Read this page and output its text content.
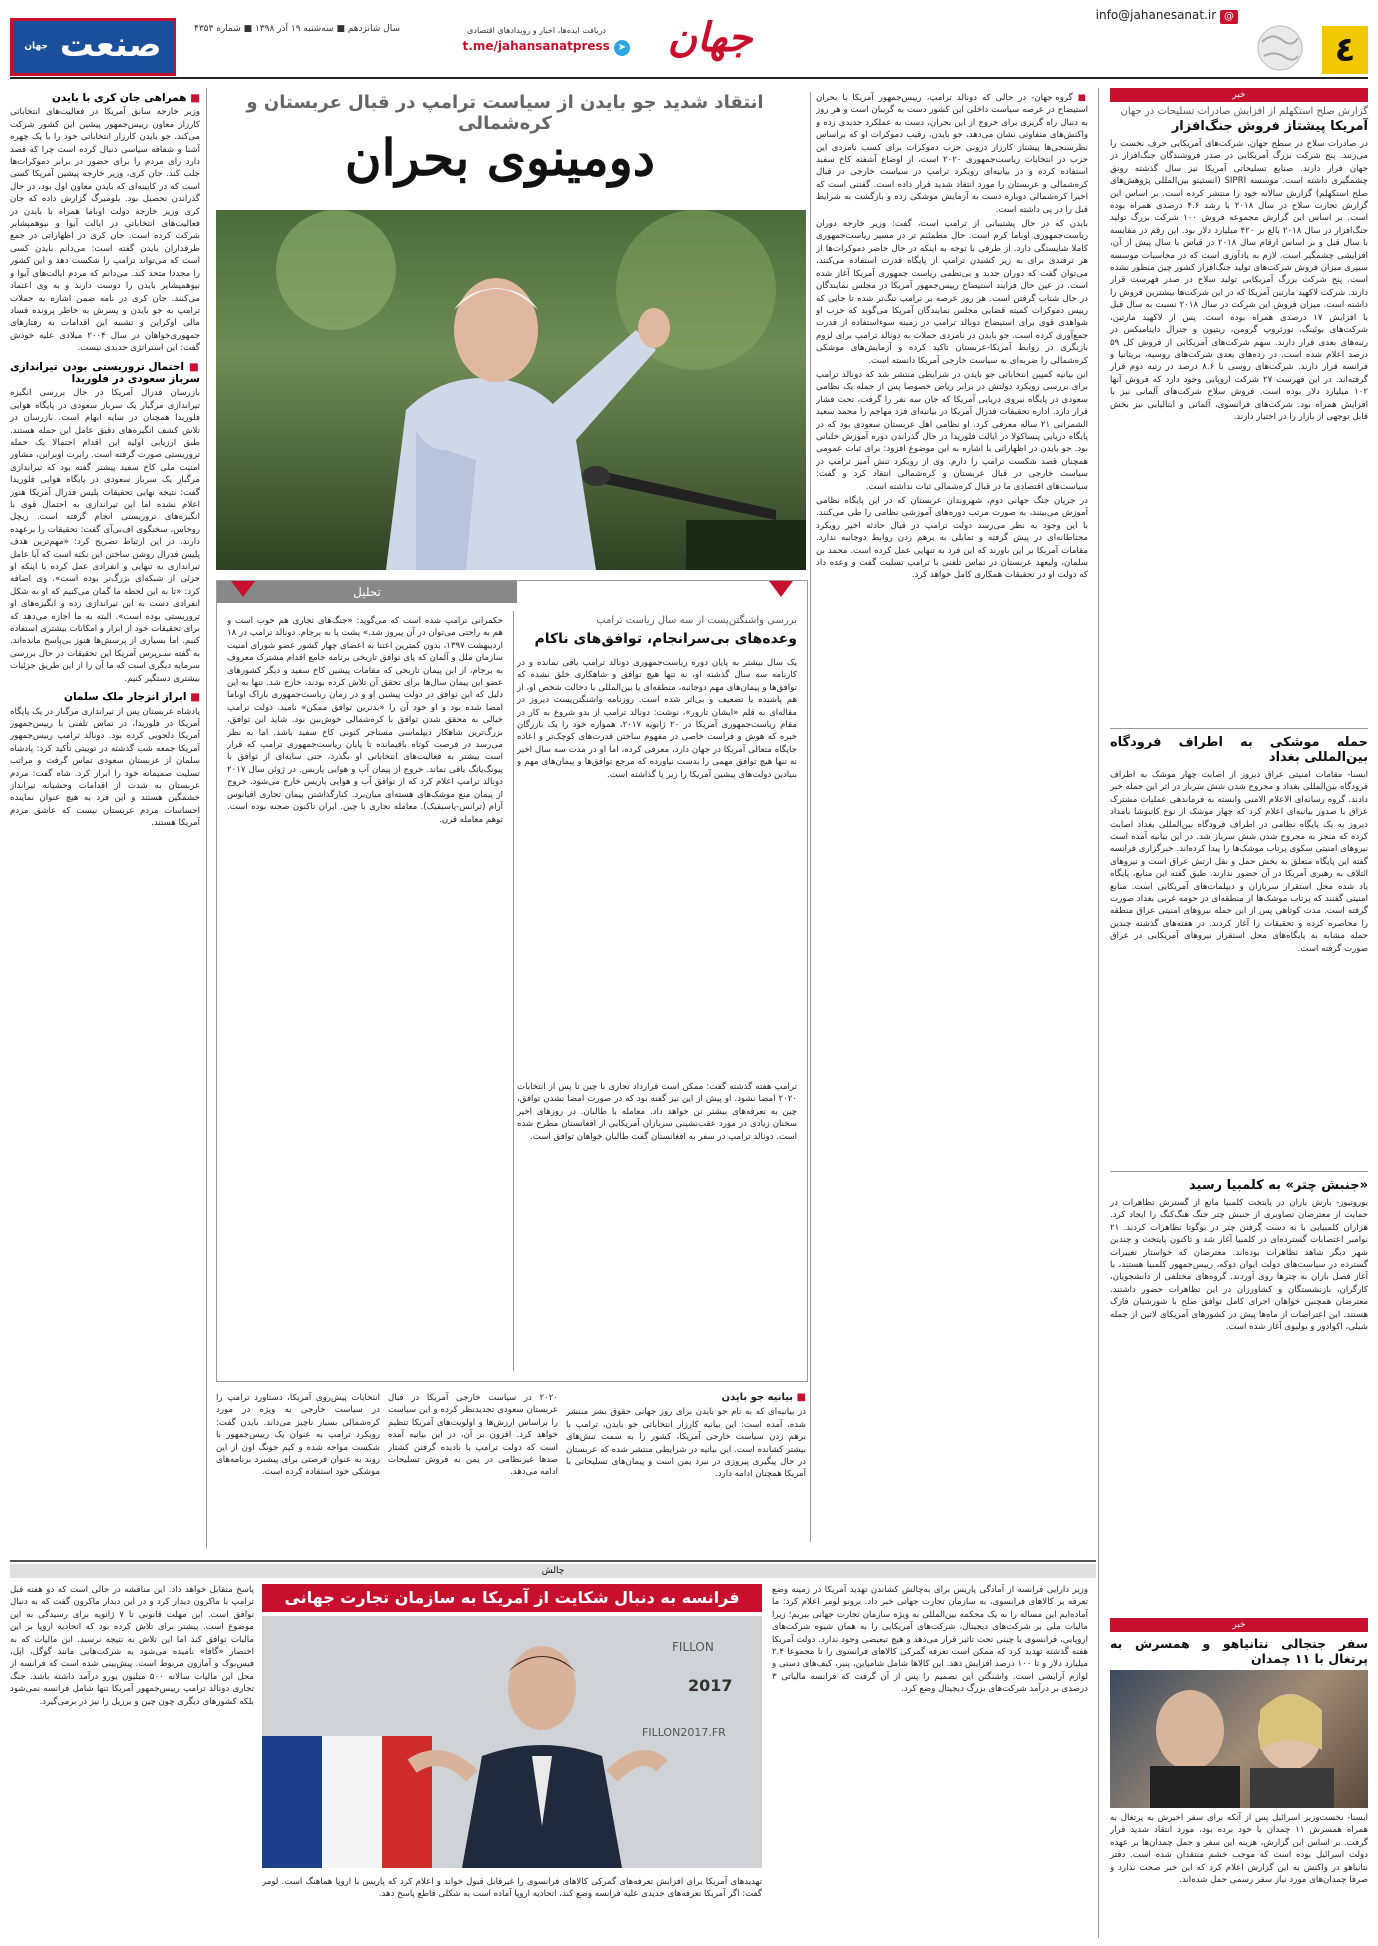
٤
info@jahanesanat.ir @
جهان
دریافت ایده‌ها، اخبار و رویدادهای اقتصادی
t.me/jahansanatpress ➤
سال شانزدهم ■ سه‌شنبه ۱۹ آذر ۱۳۹۸ ■ شماره ۴۳۵۳
صنعت جهان
خبر
گزارش صلح استکهلم از افزایش صادرات تسلیحات در جهان
آمریکا پیشتاز فروش جنگ‌افزار
در صادرات سلاح در سطح جهان، شرکت‌های آمریکایی حرف نخست را می‌زنند. پنج شرکت بزرگ آمریکایی در صدر فروشندگان جنگ‌افزار در جهان قرار دارند. صنایع تسلیحاتی آمریکا نیز سال گذشته رونق چشمگیری داشته است. موسسه SIPRI (انستیتو بین‌المللی پژوهش‌های صلح استکهلم) گزارش سالانه خود را منتشر کرده است. بر اساس این گزارش تجارت سلاح در سال ۲۰۱۸ با رشد ۴.۶ درصدی همراه بوده است. بر اساس این گزارش مجموعه فروش ۱۰۰ شرکت بزرگ تولید جنگ‌افزار در سال ۲۰۱۸ بالغ بر ۴۲۰ میلیارد دلار بود. این رقم در مقایسه با سال قبل و بر اساس ارقام سال ۲۰۱۸ در قیاس با سال پیش از آن، افزایشی چشمگیر است. لازم به یادآوری است که در محاسبات موسسه سیپری میزان فروش شرکت‌های تولید جنگ‌افزار کشور چین منظور نشده است. پنج شرکت بزرگ آمریکایی تولید سلاح در صدر فهرست قرار دارند. شرکت لاکهید مارتین آمریکا که در این شرکت‌ها بیشترین فروش را داشته است. میزان فروش این شرکت در سال ۲۰۱۸ نسبت به سال قبل با افزایش ۱۷ درصدی همراه بوده است. پس از لاکهید مارتین، شرکت‌های بوئینگ، نورثروپ گرومن، ریتیون و جنرال داینامیکس در رتبه‌های بعدی قرار دارند. سهم شرکت‌های آمریکایی از فروش کل ۵۹ درصد اعلام شده است. در رده‌های بعدی شرکت‌های روسیه، بریتانیا و فرانسه قرار دارند. شرکت‌های روسی با ۸.۶ درصد در رتبه دوم قرار گرفته‌اند. در این فهرست ۲۷ شرکت اروپایی وجود دارد که فروش آنها ۱۰۲ میلیارد دلار بوده است. فروش سلاح شرکت‌های آلمانی نیز با افزایش همراه بود. شرکت‌های فرانسوی، آلمانی و ایتالیایی نیز بخش قابل توجهی از بازار را در اختیار دارند.
حمله موشکی به اطراف فرودگاه بین‌المللی بغداد
ایسنا- مقامات امنیتی عراق دیروز از اصابت چهار موشک به اطراف فرودگاه بین‌المللی بغداد و مجروح شدن شش سرباز در اثر این حمله خبر دادند. گروه رسانه‌ای الاعلام الامنی وابسته به فرماندهی عملیات مشترک عراق با صدور بیانیه‌ای اعلام کرد که چهار موشک از نوع کاتیوشا بامداد دیروز به یک پایگاه نظامی در اطراف فرودگاه بین‌المللی بغداد اصابت کرده که منجر به مجروح شدن شش سرباز شد. در این بیانیه آمده است نیروهای امنیتی سکوی پرتاب موشک‌ها را پیدا کرده‌اند. خبرگزاری فرانسه گفته این پایگاه متعلق به بخش حمل و نقل ارتش عراق است و نیروهای ائتلاف به رهبری آمریکا در آن حضور ندارند. طبق گفته این منابع، پایگاه یاد شده محل استقرار سربازان و دیپلمات‌های آمریکایی است. منابع امنیتی گفتند که پرتاب موشک‌ها از منطقه‌ای در حومه غربی بغداد صورت گرفته است. مدت کوتاهی پس از این حمله نیروهای امنیتی عراق منطقه را محاصره کرده و تحقیقات را آغاز کردند. در هفته‌های گذشته چندین حمله مشابه به پایگاه‌های محل استقرار نیروهای آمریکایی در عراق صورت گرفته است.
«جنبش چتر» به کلمبیا رسید
یورونیوز- بارش باران در پایتخت کلمبیا مانع از گسترش تظاهرات در حمایت از معترضان تصاویری از جنبش چتر جنگ هنگ‌کنگ را ایجاد کرد. هزاران کلمبیایی با به دست گرفتن چتر در بوگوتا تظاهرات کردند. ۲۱ نوامبر اعتصابات گسترده‌ای در کلمبیا آغاز شد و تاکنون پایتخت و چندین شهر دیگر شاهد تظاهرات بوده‌اند. معترضان که خواستار تغییرات گسترده در سیاست‌های دولت ایوان دوکه، رییس‌جمهور کلمبیا هستند، با آغاز فصل باران به چترها روی آوردند. گروه‌های مختلفی از دانشجویان، کارگران، بازنشستگان و کشاورزان در این تظاهرات حضور داشتند. معترضان همچنین خواهان اجرای کامل توافق صلح با شورشیان فارک هستند. این اعتراضات از ماه‌ها پیش در کشورهای آمریکای لاتین از جمله شیلی، اکوادور و بولیوی آغاز شده است.
خبر
سفر جنجالی نتانیاهو و همسرش به پرتغال با ۱۱ چمدان
ایسنا- نخست‌وزیر اسرائیل پس از آنکه برای سفر اخیرش به پرتغال به همراه همسرش ۱۱ چمدان با خود برده بود، مورد انتقاد شدید قرار گرفت. بر اساس این گزارش، هزینه این سفر و حمل چمدان‌ها بر عهده دولت اسرائیل بوده است که موجب خشم منتقدان شده است. دفتر نتانیاهو در واکنش به این گزارش اعلام کرد که این خبر صحت ندارد و صرفا چمدان‌های مورد نیاز سفر رسمی حمل شده‌اند.
انتقاد شدید جو بایدن از سیاست ترامپ در قبال عربستان و کره‌شمالی
دومینوی بحران

■ گروه جهان- در حالی که دونالد ترامپ، رییس‌جمهور آمریکا با بحران استیضاح در عرصه سیاست داخلی این کشور دست به گریبان است و هر روز به دنبال راه گریزی برای خروج از این بحران، دست به عملکرد جدیدی زده و واکنش‌های متفاوتی نشان می‌دهد، جو بایدن، رقیب دموکرات او که براساس نظرسنجی‌ها پیشتاز کارزار درونی حزب دموکرات برای کسب نامزدی این حزب در انتخابات ریاست‌جمهوری ۲۰۲۰ است، از اوضاع آشفته کاخ سفید استفاده کرده و در بیانیه‌ای رویکرد ترامپ در سیاست خارجی در قبال کره‌شمالی و عربستان را مورد انتقاد شدید قرار داده است. گفتنی است که اخیرا کره‌شمالی دوباره دست به آزمایش موشکی زده و بازگشت به شرایط قبل را در پی داشته است.

بایدن که در حال پشتیبانی از ترامپ است، گفت: وزیر خارجه دوران ریاست‌جمهوری اوباما کرم است. حال مطمئنم تر در مسیر ریاست‌جمهوری کاملا شایستگی دارد. از طرفی با توجه به اینکه در حال حاضر دموکرات‌ها از هر ترفندی برای به زیر کشیدن ترامپ از پایگاه قدرت استفاده می‌کنند، می‌توان گفت که دوران جدید و بی‌نظمی ریاست جمهوری آمریکا آغاز شده است. در عین حال فرایند استیضاح رییس‌جمهور آمریکا در مجلس نمایندگان در حال شتاب گرفتن است. هر روز عرصه بر ترامپ تنگ‌تر شده تا جایی که رییس دموکرات کمیته قضایی مجلس نمایندگان آمریکا می‌گوید که حزب او شواهدی قوی برای استیضاح دونالد ترامپ در زمینه سوءاستفاده از قدرت جمع‌آوری کرده است. جو بایدن در نامزدی حملات به دونالد ترامپ برای لزوم بازنگری در روابط آمریکا-عربستان تاکید کرده و آزمایش‌های موشکی کره‌شمالی را ضربه‌ای به سیاست خارجی آمریکا دانسته است.

این بیانیه کمپین انتخاباتی جو بایدن در شرایطی منتشر شد که دونالد ترامپ برای بررسی رویکرد دولتش در برابر ریاض خصوصا پس از حمله یک نظامی سعودی در پایگاه نیروی دریایی آمریکا که جان سه نفر را گرفت، تحت فشار قرار دارد. اداره تحقیقات فدرال آمریکا در بیانیه‌ای فرد مهاجم را محمد سعید الشمرانی ۲۱ ساله معرفی کرد. او نظامی اهل عربستان سعودی بود که در پایگاه دریایی پنساکولا در ایالت فلوریدا در حال گذراندن دوره آموزش خلبانی بود. جو بایدن در اظهاراتی با اشاره به این موضوع افزود: برای ثبات عمومی همچنان قصد شکست ترامپ را دارم. وی از رویکرد تنش آمیز ترامپ در سیاست خارجی در قبال عربستان و کره‌شمالی انتقاد کرد و گفت: سیاست‌های اقتصادی ما در قبال کره‌شمالی ثبات نداشته است.

در جریان جنگ جهانی دوم، شهروندان عربستان که در این پایگاه نظامی آموزش می‌بینند، به صورت مرتب دوره‌های آموزشی نظامی را طی می‌کنند. با این وجود به نظر می‌رسد دولت ترامپ در قبال حادثه اخیر رویکرد محتاطانه‌ای در پیش گرفته و تمایلی به برهم زدن روابط دوجانبه ندارد. مقامات آمریکا بر این باورند که این فرد به تنهایی عمل کرده است. محمد بن سلمان، ولیعهد عربستان در تماس تلفنی با ترامپ تسلیت گفت و وعده داد که دولت او در تحقیقات همکاری کامل خواهد کرد.

تحلیل
بررسی واشنگتن‌پست از سه سال ریاست ترامپ
وعده‌های بی‌سرانجام، توافق‌های ناکام
یک سال بیشتر به پایان دوره ریاست‌جمهوری دونالد ترامپ باقی نمانده و در کارنامه سه سال گذشته او، نه تنها هیچ توافق و شاهکاری خلق نشده که توافق‌ها و پیمان‌های مهم دوجانبه، منطقه‌ای یا بین‌المللی با دخالت شخص او، از هم پاشیده یا تضعیف و بی‌اثر شده است. روزنامه واشنگتن‌پست دیروز در مقاله‌ای به قلم «ایشان تارور»، نوشت: دونالد ترامپ از بدو شروع به کار در مقام ریاست‌جمهوری آمریکا در ۲۰ ژانویه ۲۰۱۷، همواره خود را یک بازرگان خبره که هوش و فراست خاصی در مفهوم ساختن قدرت‌های کوچک‌تر و اعاده جایگاه متعالی آمریکا در جهان دارد، معرفی کرده، اما او در مدت سه سال اخیر نه تنها هیچ توافق مهمی را بدست نیاورده که مرجع توافق‌ها و پیمان‌های مهم و بنیادین دولت‌های پیشین آمریکا را زیر پا گذاشته است.
ترامپ هفته گذشته گفت: ممکن است قرارداد تجاری با چین تا پس از انتخابات ۲۰۲۰ امضا نشود. او پیش از این نیز گفته بود که در صورت امضا نشدن توافق، چین به تعرفه‌های بیشتر تن خواهد داد. معامله با طالبان. در روزهای اخیر سخنان زیادی در مورد عقب‌نشینی سربازان آمریکایی از افغانستان مطرح شده است. دونالد ترامپ در سفر به افغانستان گفت طالبان خواهان توافق است.
حکمرانی ترامپ شده است که می‌گوید: «جنگ‌های تجاری هم خوب است و هم به راحتی می‌توان در آن پیروز شد.» پشت پا به برجام. دونالد ترامپ در ۱۸ اردیبهشت ۱۳۹۷، بدون کمترین اعتنا به اعضای چهار کشور عضو شورای امنیت سازمان ملل و آلمان که پای توافق تاریخی برنامه جامع اقدام مشترک معروف به برجام، از این پیمان تاریخی که مقامات پیشین کاخ سفید و دیگر کشورهای عضو این پیمان سال‌ها برای تحقق آن تلاش کرده بودند، خارج شد. تنها به این دلیل که این توافق در دولت پیشین او و در زمان ریاست‌جمهوری باراک اوباما امضا شده بود و او خود آن را «بدترین توافق ممکن» نامید. دولت ترامپ خیالی به محقق شدن توافق با کره‌شمالی خوش‌بین بود. شاید این توافق، بزرگ‌ترین شاهکار دیپلماسی مستاجر کنونی کاخ سفید باشد. اما به نظر می‌رسد در فرصت کوتاه باقیمانده تا پایان ریاست‌جمهوری ترامپ که قرار است بیشتر به فعالیت‌های انتخاباتی او بگذرد، حتی سایه‌ای از توافق با پیونگ‌یانگ باقی نماند. خروج از پیمان آب و هوایی پاریس. در ژوئن سال ۲۰۱۷ دونالد ترامپ اعلام کرد که از توافق آب و هوایی پاریس خارج می‌شود. خروج از پیمان منع موشک‌های هسته‌ای میان‌برد. کنارگذاشتن پیمان تجاری اقیانوس آرام (ترانس-پاسیفیک). معامله تجاری با چین. ایران تاکنون صحنه بوده است. توهم معامله قرن.

■ بیانیه جو بایدن

در بیانیه‌ای که به نام جو بایدن برای روز جهانی حقوق بشر منتشر شده، آمده است: این بیانیه کارزار انتخاباتی جو بایدن، ترامپ با برهم زدن سیاست خارجی آمریکا، کشور را به سمت تنش‌های بیشتر کشانده است. این بیانیه در شرایطی منتشر شده که عربستان در حال پیگیری پیروزی در نبرد یمن است و پیمان‌های تسلیحاتی با آمریکا همچنان ادامه دارد.

۲۰۲۰ در سیاست خارجی آمریکا در قبال عربستان سعودی تجدیدنظر کرده و این سیاست را براساس ارزش‌ها و اولویت‌های آمریکا تنظیم خواهد کرد. افزون بر آن، در این بیانیه آمده است که دولت ترامپ با نادیده گرفتن کشتار صدها غیرنظامی در یمن به فروش تسلیحات ادامه می‌دهد.
انتخابات پیش‌روی آمریکا، دستاورد ترامپ را در سیاست خارجی به ویژه در مورد کره‌شمالی بسیار ناچیز می‌داند. بایدن گفت: رویکرد ترامپ به عنوان یک رییس‌جمهور با شکست مواجه شده و کیم جونگ اون از این روند به عنوان فرصتی برای پیشبرد برنامه‌های موشکی خود استفاده کرده است.

■ همراهی جان کری با بایدن

وزیر خارجه سابق آمریکا در فعالیت‌های انتخاباتی کارزار معاون رییس‌جمهور پیشین این کشور شرکت می‌کند. جو بایدن کارزار انتخاباتی خود را با یک چهره آشنا و شفافه سیاسی دنبال کرده است چرا که قصد دارد رای مردم را برای حضور در برابر دموکرات‌ها جلب کند. جان کری، وزیر خارجه پیشین آمریکا کسی است که در کابینه‌ای که بایدن معاون اول بود، در حال گذراندن تحصیل بود. بلومبرگ گزارش داده که جان کری وزیر خارجه دولت اوباما همراه با بایدن در فعالیت‌های انتخاباتی در ایالت آیوا و نیوهمپشایر شرکت کرده است. جان کری در اظهاراتی در جمع طرفداران بایدن گفته است: می‌دانم بایدن کسی است که می‌تواند ترامپ را شکست دهد و این کشور را مجددا متحد کند. می‌دانم که مردم ایالت‌های آیوا و نیوهمپشایر بایدن را دوست دارند و به وی اعتماد می‌کنند. جان کری در نامه ضمن اشاره به حملات ترامپ به جو بایدن و پسرش به خاطر پرونده فساد مالی اوکراین و تشبیه این اقدامات به رفتارهای جمهوری‌خواهان در سال ۲۰۰۴ میلادی علیه خودش گفت: این استراتژی جدیدی نیست.

■ احتمال تروریستی بودن تیراندازی سرباز سعودی در فلوریدا

بازرسان فدرال آمریکا در حال بررسی انگیزه تیراندازی مرگبار یک سرباز سعودی در پایگاه هوایی فلوریدا همچنان در سایه ابهام است. بازرسان در تلاش کشف انگیزه‌های دقیق عامل این حمله هستند. طبق ارزیابی اولیه این اقدام احتمالا یک حمله تروریستی صورت گرفته است. رابرت اوبراین، مشاور امنیت ملی کاخ سفید پیشتر گفته بود که تیراندازی مرگبار یک سرباز سعودی در پایگاه هوایی فلوریدا گفت: نتیجه نهایی تحقیقات پلیس فدرال آمریکا هنوز اعلام نشده اما این تیراندازی به احتمال قوی با انگیزه‌های تروریستی انجام گرفته است. ریچل روخاس، سخنگوی اف‌بی‌آی گفت: تحقیقات را برعهده دارند. در این ارتباط تصریح کرد: «مهم‌ترین هدف پلیس فدرال روشن ساختن این نکته است که آیا عامل تیراندازی به تنهایی و انفرادی عمل کرده یا اینکه او جزئی از شبکه‌ای بزرگ‌تر بوده است». وی اضافه کرد: «تا به این لحظه ما گمان می‌کنیم که او به شکل انفرادی دست به این تیراندازی زده و انگیزه‌های او تروریستی بوده است». البته به ما اجازه می‌دهد که برای تحقیقات خود از ابزار و امکانات بیشتری استفاده کنیم. اما بسیاری از پرسش‌ها هنوز بی‌پاسخ مانده‌اند. به گفته سـرپرس آمریکا این تحقیقات در حال بررسی سرمایه دیگری است که ما آن را از این طریق جزئیات بیشتری دستگیر کنیم.

■ ابراز انزجار ملک سلمان

پادشاه عربستان پس از تیراندازی مرگبار در یک پایگاه آمریکا در فلوریدا، در تماس تلفنی با رییس‌جمهور آمریکا دلجویی کرده بود. دونالد ترامپ رییس‌جمهور آمریکا جمعه شب گذشته در توییتی تأکید کرد: پادشاه سلمان از عربستان سعودی تماس گرفت و مراتب تسلیت صمیمانه خود را ابراز کرد. شاه گفت: مردم عربستان به شدت از اقدامات وحشیانه تیرانداز خشمگین هستند و این فرد به هیچ عنوان نماینده احساسات مردم عربستان نیست که عاشق مردم آمریکا هستند.

چالش
فرانسه به دنبال شکایت از آمریکا به سازمان تجارت جهانی
FILLON
2017
FILLON2017.FR
وزیر دارایی فرانسه از آمادگی پاریس برای به‌چالش کشاندن تهدید آمریکا در زمینه وضع تعرفه بر کالاهای فرانسوی، به سازمان تجارت جهانی خبر داد. برونو لومر اعلام کرد: ما آماده‌ایم این مساله را به یک محکمه بین‌المللی به ویژه سازمان تجارت جهانی ببریم؛ زیرا مالیات ملی بر شرکت‌های دیجیتال، شرکت‌های آمریکایی را به همان شیوه شرکت‌های اروپایی، فرانسوی یا چینی تحت تاثیر قرار می‌دهد و هیچ تبعیضی وجود ندارد. دولت آمریکا هفته گذشته تهدید کرد که ممکن است تعرفه گمرکی کالاهای فرانسوی را تا مجموعا ۲.۴ میلیارد دلار و تا ۱۰۰ درصد افزایش دهد. این کالاها شامل شامپاین، پنیر، کیف‌های دستی و لوازم آرایشی است. واشنگتن این تصمیم را پس از آن گرفت که فرانسه مالیاتی ۳ درصدی بر درآمد شرکت‌های بزرگ دیجیتال وضع کرد.
تهدیدهای آمریکا برای افزایش تعرفه‌های گمرکی کالاهای فرانسوی را غیرقابل قبول خواند و اعلام کرد که پاریس با اروپا هماهنگ است. لومر گفت: اگر آمریکا تعرفه‌های جدیدی علیه فرانسه وضع کند، اتحادیه اروپا آماده است به شکلی قاطع پاسخ دهد.
پاسخ متقابل خواهد داد. این مناقشه در حالی است که دو هفته قبل ترامپ با ماکرون دیدار کرد و در این دیدار ماکرون گفت که به دنبال توافق است. این مهلت قانونی تا ۷ ژانویه برای رسیدگی به این موضوع است. پیشتر برای تلاش کرده بود که اتحادیه اروپا بر این مالیات توافق کند اما این تلاش به نتیجه نرسید. این مالیات که به اختصار «گافا» نامیده می‌شود به شرکت‌هایی مانند گوگل، اپل، فیس‌بوک و آمازون مربوط است. پیش‌بینی شده است که فرانسه از محل این مالیات سالانه ۵۰۰ میلیون یورو درآمد داشته باشد. جنگ تجاری دونالد ترامپ رییس‌جمهور آمریکا تنها شامل فرانسه نمی‌شود بلکه کشورهای دیگری چون چین و برزیل را نیز در برمی‌گیرد.
